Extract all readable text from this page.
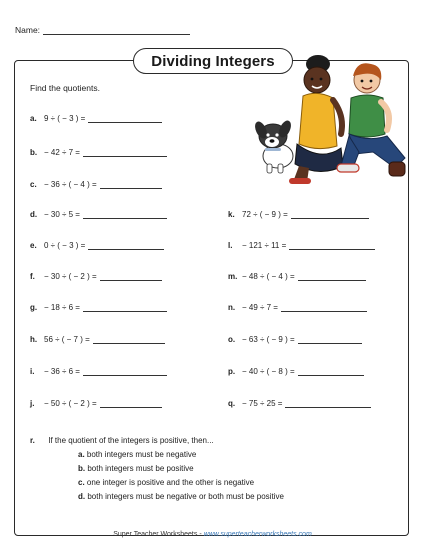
Name:
Dividing Integers
Find the quotients.
a. 9 ÷ ( − 3 ) =
b. − 42 ÷ 7 =
c. − 36 ÷ ( − 4 ) =
d. − 30 ÷ 5 =
e. 0 ÷ ( − 3 ) =
f.	− 30 ÷ ( − 2 ) =
g. − 18 ÷ 6 =
h. 56 ÷ ( − 7 ) =
i.	− 36 ÷ 6 =
j.	− 50 ÷ ( − 2 ) =
k. 72 ÷ ( − 9 ) =
l.	− 121 ÷ 11 =
m. − 48 ÷ ( − 4 ) =
n. − 49 ÷ 7 =
o. − 63 ÷ ( − 9 ) =
p. − 40 ÷ ( − 8 ) =
q. − 75 ÷ 25 =
r. If the quotient of the integers is positive, then...
a. both integers must be negative
b. both integers must be positive
c. one integer is positive and the other is negative
d. both integers must be negative or both must be positive
Super Teacher Worksheets - www.superteacherworksheets.com
